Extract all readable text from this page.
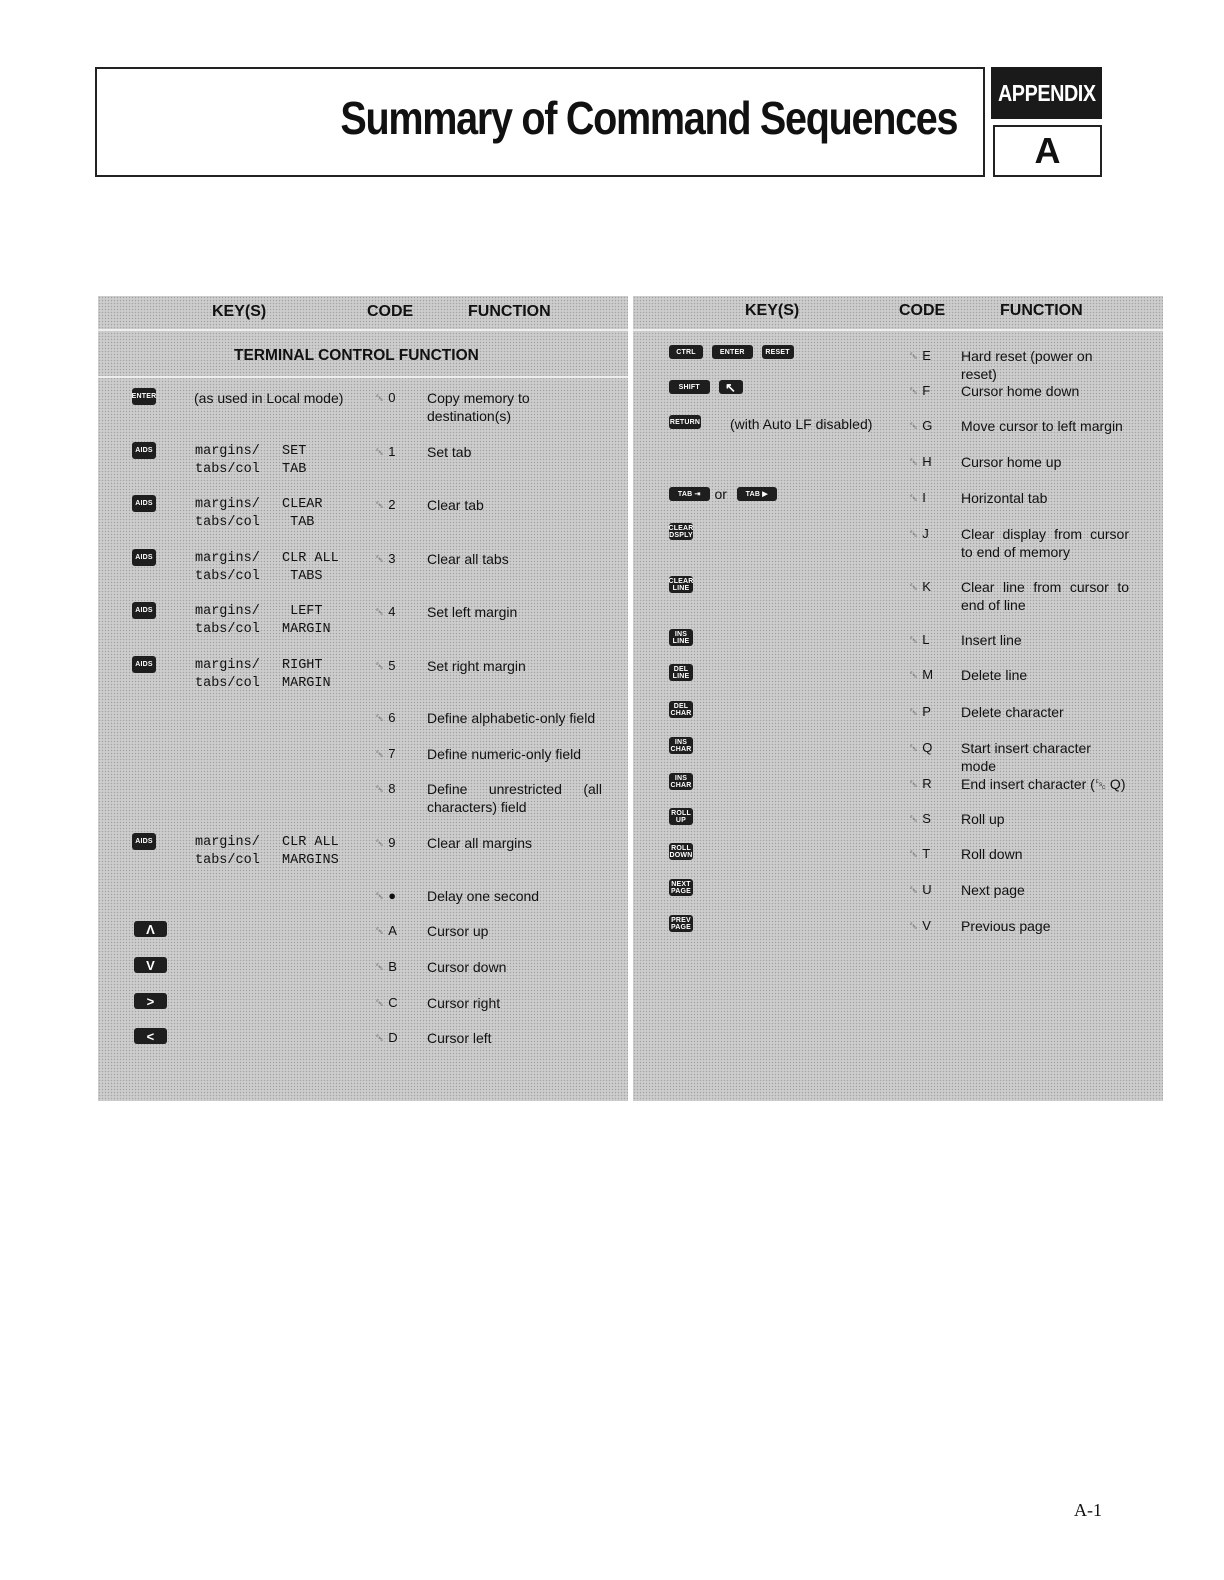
Summary of Command Sequences APPENDIX
A
KEY(S)	CODE	FUNCTION
TERMINAL CONTROL FUNCTION
ENTER	(as used in Local mode)	␛ 0 Copy memory to destination(s)
AIDS	margins/
tabs/col
SET
TAB
␛ 1 Set tab
AIDS	margins/
tabs/col
CLEAR
TAB
␛ 2 Clear tab
AIDS	margins/
tabs/col
CLR ALL
TABS
␛ 3 Clear all tabs
AIDS	margins/
tabs/col
LEFT
MARGIN
␛ 4 Set left margin
AIDS	margins/
tabs/col
RIGHT
MARGIN
␛ 5 Set right margin
␛ 6 Define alphabetic-only field
␛ 7 Define numeric-only field
␛ 8 Define unrestricted (all characters) field
AIDS	margins/
tabs/col
CLR ALL
MARGINS
␛ 9 Clear all margins
␛ ● Delay one second
Λ	␛ A Cursor up
V	␛ B Cursor down
>	␛ C Cursor right
<	␛ D Cursor left
KEY(S)	CODE	FUNCTION
CTRL	ENTER	RESET	␛ E Hard reset (power on reset)
SHIFT	↖	␛ F Cursor home down
RETURN (with Auto LF disabled)	␛ G Move cursor to left margin
␛ H Cursor home up
TAB ⇥ or	TAB ▶	␛ I	Horizontal tab
CLEAR
DSPLY	␛ J Clear display from cursor to end of memory
CLEAR
LINE	␛ K Clear line from cursor to end of line
INS
LINE	␛ L Insert line
DEL
LINE	␛ M Delete line
DEL
CHAR	␛ P Delete character
INS
CHAR	␛ Q Start insert character mode
INS
CHAR	␛ R End insert character (␛ Q)
ROLL
UP	␛ S Roll up
ROLL
DOWN	␛ T Roll down
NEXT
PAGE	␛ U Next page
PREV
PAGE	␛ V Previous page
A-1
